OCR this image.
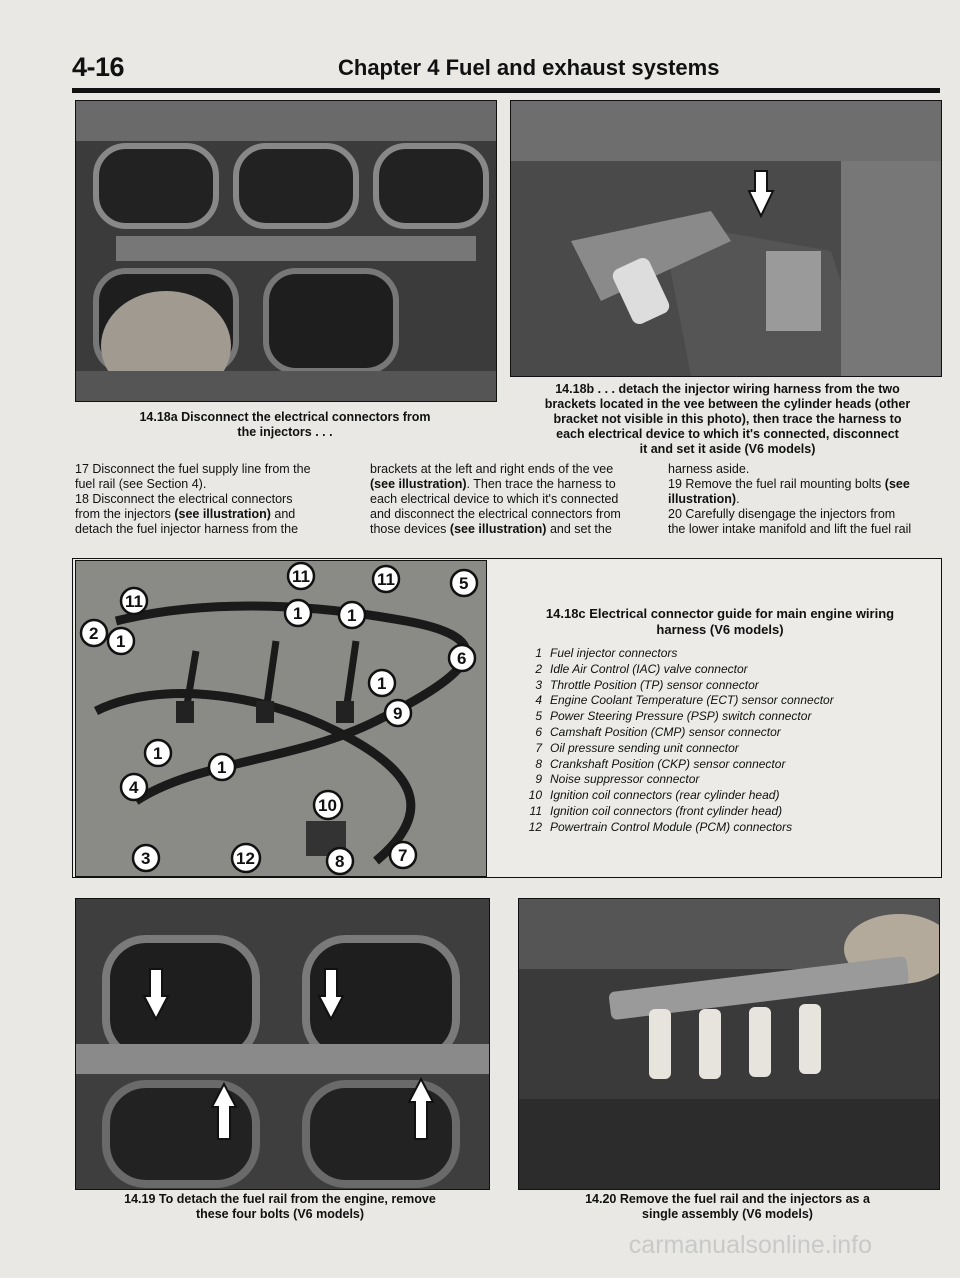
4-16	Chapter 4 Fuel and exhaust systems
14.18a Disconnect the electrical connectors from
the injectors . . .
14.18b . . . detach the injector wiring harness from the two
brackets located in the vee between the cylinder heads (other
bracket not visible in this photo), then trace the harness to
each electrical device to which it's connected, disconnect
it and set it aside (V6 models)
17 Disconnect the fuel supply line from the
fuel rail (see Section 4).
18 Disconnect the electrical connectors
from the injectors (see illustration) and
detach the fuel injector harness from the
brackets at the left and right ends of the vee
(see illustration). Then trace the harness to
each electrical device to which it's connected
and disconnect the electrical connectors from
those devices (see illustration) and set the
harness aside.
19 Remove the fuel rail mounting bolts (see
illustration).
20 Carefully disengage the injectors from
the lower intake manifold and lift the fuel rail
11
11
11	5
2 1
1	1
6
1
9
1
1
4
10
3	12	8	7
14.18c Electrical connector guide for main engine wiring
harness (V6 models)
1 Fuel injector connectors
2 Idle Air Control (IAC) valve connector
3 Throttle Position (TP) sensor connector
4 Engine Coolant Temperature (ECT) sensor connector
5 Power Steering Pressure (PSP) switch connector
6 Camshaft Position (CMP) sensor connector
7 Oil pressure sending unit connector
8 Crankshaft Position (CKP) sensor connector
9 Noise suppressor connector
10 Ignition coil connectors (rear cylinder head)
11 Ignition coil connectors (front cylinder head)
12 Powertrain Control Module (PCM) connectors
14.19 To detach the fuel rail from the engine, remove
these four bolts (V6 models)
14.20 Remove the fuel rail and the injectors as a
single assembly (V6 models)
carmanualsonline.info
